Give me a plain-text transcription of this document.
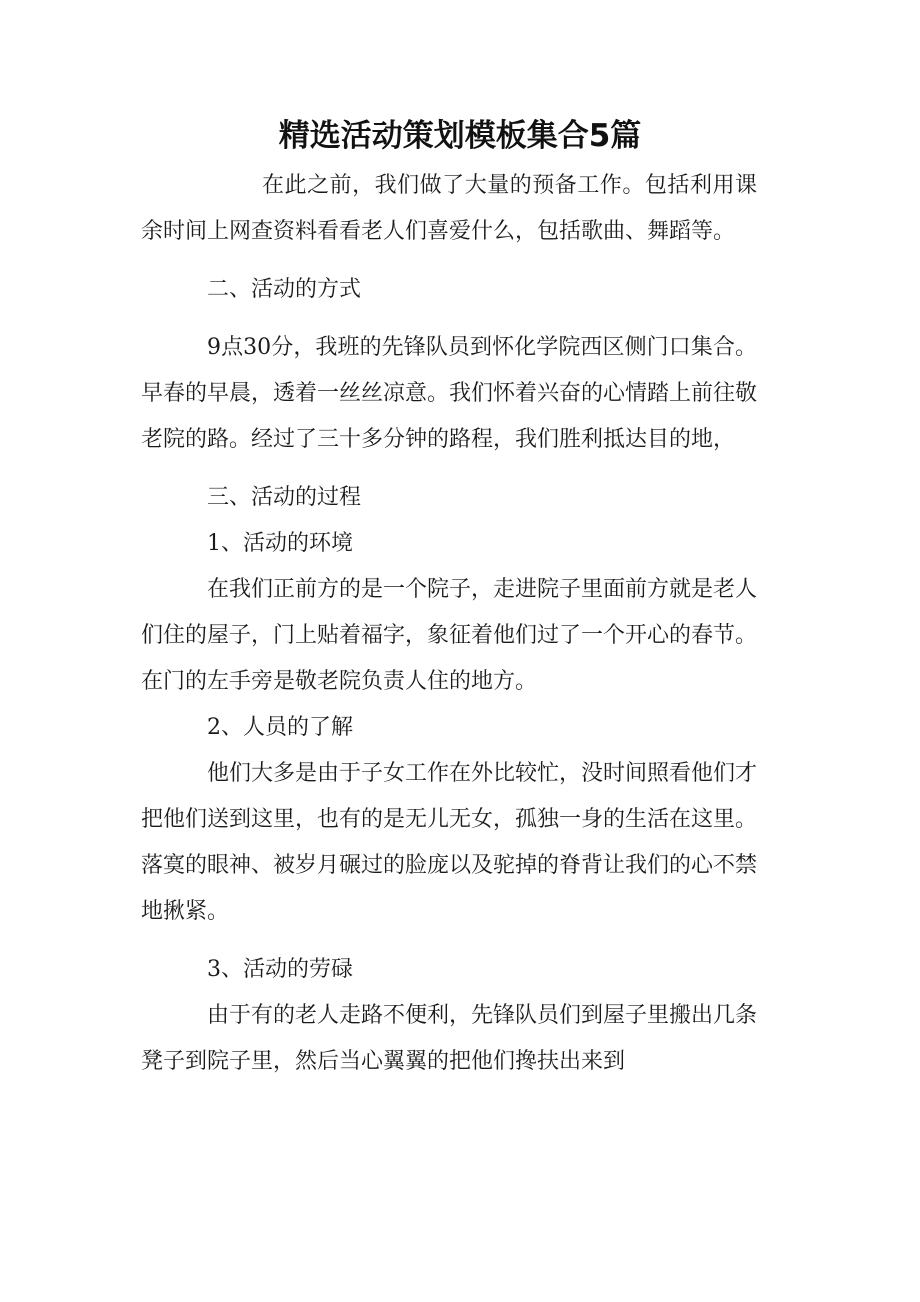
精选活动策划模板集合5篇

在此之前，我们做了大量的预备工作。包括利用课余时间上网查资料看看老人们喜爱什么，包括歌曲、舞蹈等。

二、活动的方式

9点30分，我班的先锋队员到怀化学院西区侧门口集合。早春的早晨，透着一丝丝凉意。我们怀着兴奋的心情踏上前往敬老院的路。经过了三十多分钟的路程，我们胜利抵达目的地，

三、活动的过程

1、活动的环境

在我们正前方的是一个院子，走进院子里面前方就是老人们住的屋子，门上贴着福字，象征着他们过了一个开心的春节。在门的左手旁是敬老院负责人住的地方。

2、人员的了解

他们大多是由于子女工作在外比较忙，没时间照看他们才把他们送到这里，也有的是无儿无女，孤独一身的生活在这里。落寞的眼神、被岁月碾过的脸庞以及驼掉的脊背让我们的心不禁地揪紧。

3、活动的劳碌

由于有的老人走路不便利，先锋队员们到屋子里搬出几条凳子到院子里，然后当心翼翼的把他们搀扶出来到
